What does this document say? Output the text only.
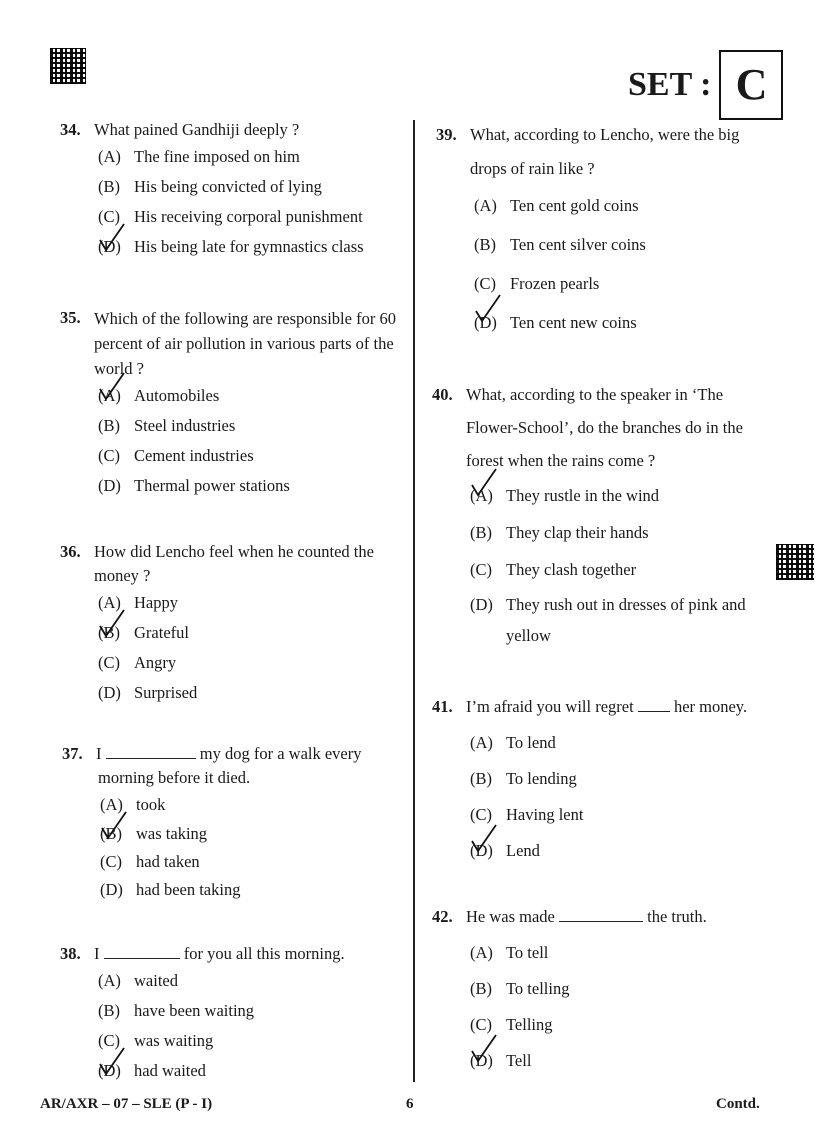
SET : C
34. What pained Gandhiji deeply ?
(A) The fine imposed on him
(B) His being convicted of lying
(C) His receiving corporal punishment
(D) His being late for gymnastics class
35. Which of the following are responsible for 60 percent of air pollution in various parts of the world ?
(A) Automobiles
(B) Steel industries
(C) Cement industries
(D) Thermal power stations
36. How did Lencho feel when he counted the money ?
(A) Happy
(B) Grateful
(C) Angry
(D) Surprised
37. I	my dog for a walk every
morning before it died.
(A) took
(B) was taking
(C) had taken
(D) had been taking
38. I	for you all this morning.
(A) waited
(B) have been waiting
(C) was waiting
(D) had waited
39. What, according to Lencho, were the big
drops of rain like ?
(A) Ten cent gold coins
(B) Ten cent silver coins
(C) Frozen pearls
(D) Ten cent new coins
40. What, according to the speaker in ‘The
Flower-School’, do the branches do in the
forest when the rains come ?
(A) They rustle in the wind
(B) They clap their hands
(C) They clash together
(D) They rush out in dresses of pink and
yellow
41. I’m afraid you will regret her money.
(A) To lend
(B) To lending
(C) Having lent
(D) Lend
42. He was made	the truth.
(A) To tell
(B) To telling
(C) Telling
(D) Tell
AR/AXR – 07 – SLE (P - I)	6	Contd.
